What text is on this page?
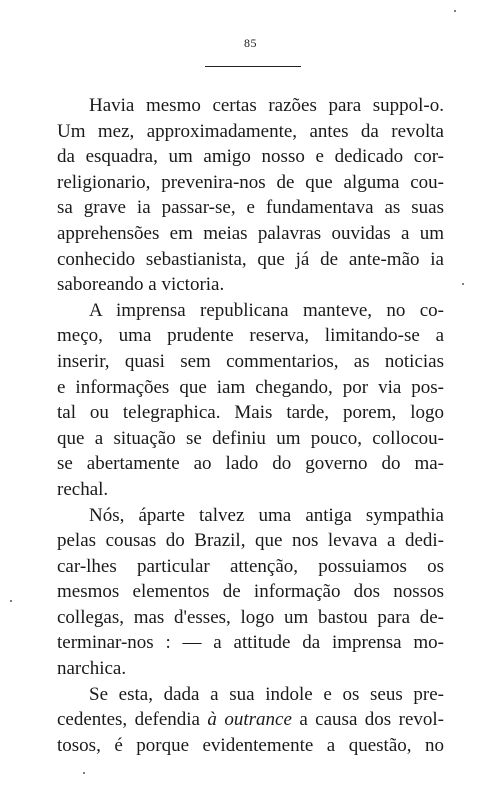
85
Havia mesmo certas razões para suppol-o.
Um mez, approximadamente, antes da revolta
da esquadra, um amigo nosso e dedicado cor-
religionario, prevenira-nos de que alguma cou-
sa grave ia passar-se, e fundamentava as suas
apprehensões em meias palavras ouvidas a um
conhecido sebastianista, que já de ante-mão ia
saboreando a victoria.
A imprensa republicana manteve, no co-
meço, uma prudente reserva, limitando-se a
inserir, quasi sem commentarios, as noticias
e informações que iam chegando, por via pos-
tal ou telegraphica. Mais tarde, porem, logo
que a situação se definiu um pouco, collocou-
se abertamente ao lado do governo do ma-
rechal.
Nós, áparte talvez uma antiga sympathia
pelas cousas do Brazil, que nos levava a dedi-
car-lhes particular attenção, possuiamos os
mesmos elementos de informação dos nossos
collegas, mas d'esses, logo um bastou para de-
terminar-nos : — a attitude da imprensa mo-
narchica.
Se esta, dada a sua indole e os seus pre-
cedentes, defendia à outrance a causa dos revol-
tosos, é porque evidentemente a questão, no
